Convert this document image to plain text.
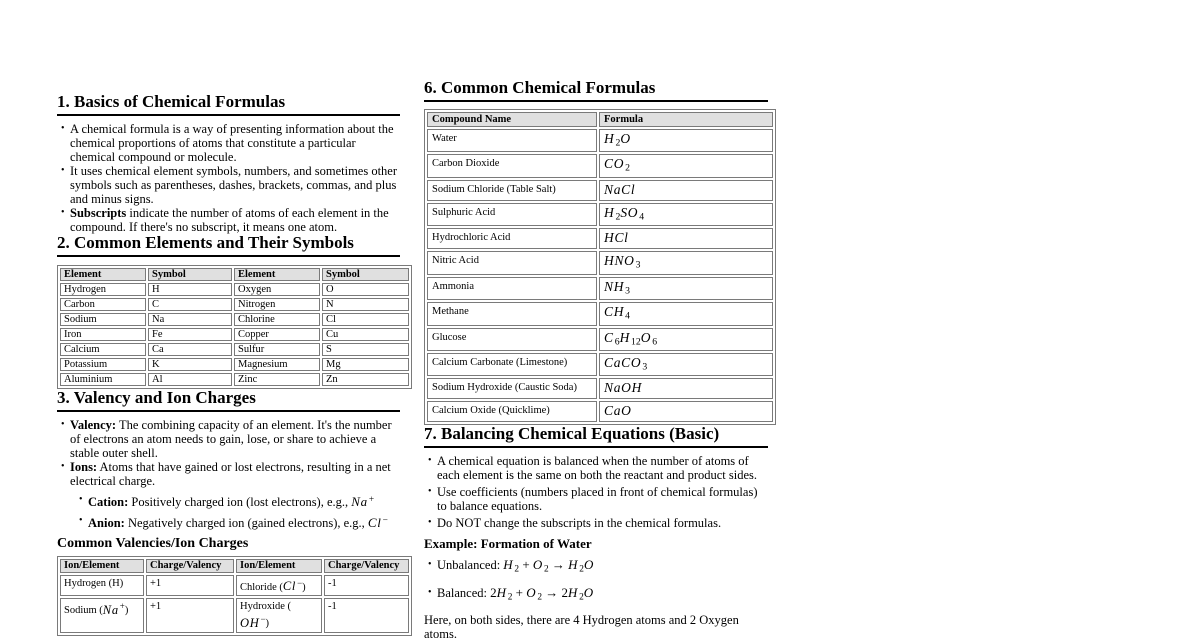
1. Basics of Chemical Formulas
• A chemical formula is a way of presenting information about the chemical proportions of atoms that constitute a particular chemical compound or molecule.
• It uses chemical element symbols, numbers, and sometimes other symbols such as parentheses, dashes, brackets, commas, and plus and minus signs.
• Subscripts indicate the number of atoms of each element in the compound. If there's no subscript, it means one atom.
2. Common Elements and Their Symbols
Element	Symbol	Element	Symbol
Hydrogen	H	Oxygen	O
Carbon	C	Nitrogen	N
Sodium	Na	Chlorine	Cl
Iron	Fe	Copper	Cu
Calcium	Ca	Sulfur	S
Potassium	K	Magnesium	Mg
Aluminium	Al	Zinc	Zn
3. Valency and Ion Charges
• Valency: The combining capacity of an element. It's the number of electrons an atom needs to gain, lose, or share to achieve a stable outer shell.
• Ions: Atoms that have gained or lost electrons, resulting in a net electrical charge.
• Cation: Positively charged ion (lost electrons), e.g., Na+
• Anion: Negatively charged ion (gained electrons), e.g., Cl−
Common Valencies/Ion Charges
Ion/Element	Charge/Valency	Ion/Element	Charge/Valency
Hydrogen (H)	+1	Chloride (Cl−)	-1
Sodium (Na+)	+1	Hydroxide (
OH−)	-1
6. Common Chemical Formulas
Compound Name	Formula
Water	$H_2O$
Carbon Dioxide	$CO_2$
Sodium Chloride (Table Salt)	NaCl
Sulphuric Acid	$H_2SO_4$
Hydrochloric Acid	HCl
Nitric Acid	$HNO_3$
Ammonia	$NH_3$
Methane	$CH_4$
Glucose	$C_6H_{12}O_6$
Calcium Carbonate (Limestone)	CaCO$_3$
Sodium Hydroxide (Caustic Soda)	NaOH
Calcium Oxide (Quicklime)	CaO
7. Balancing Chemical Equations (Basic)
• A chemical equation is balanced when the number of atoms of each element is the same on both the reactant and product sides.
• Use coefficients (numbers placed in front of chemical formulas) to balance equations.
• Do NOT change the subscripts in the chemical formulas.
Example: Formation of Water
• Unbalanced: $H_2 + O_2 \to H_2O$
• Balanced: $2H_2 + O_2 \to 2H_2O$

Here, on both sides, there are 4 Hydrogen atoms and 2 Oxygen atoms.
